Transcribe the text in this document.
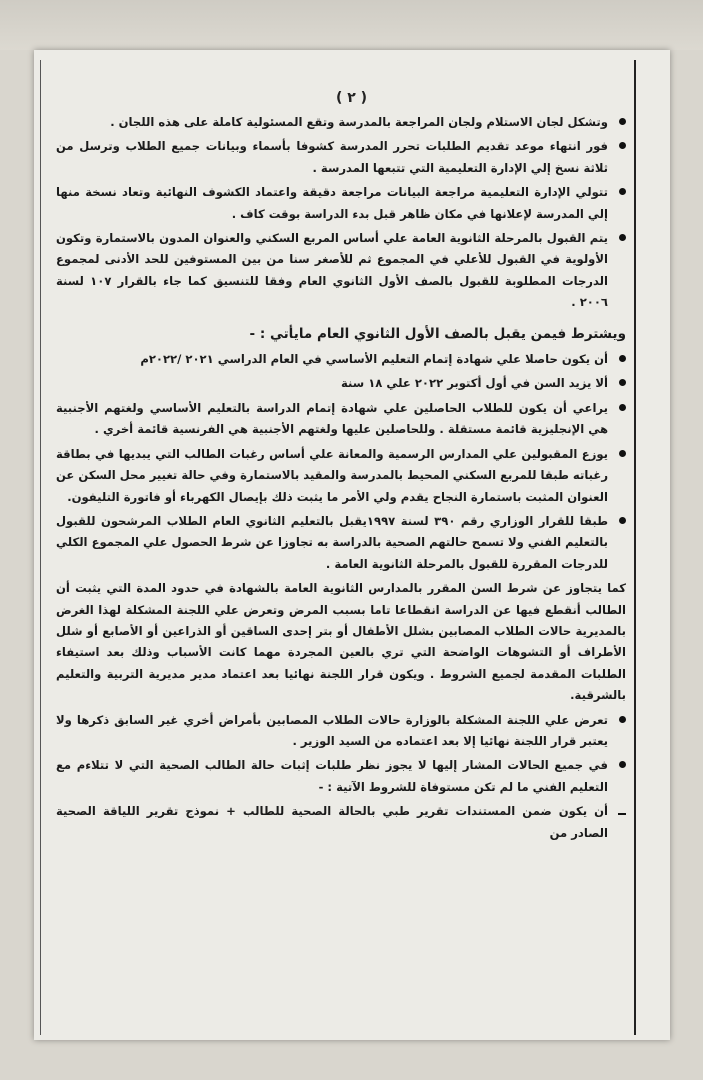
( ٢ )
وتشكل لجان الاستلام ولجان المراجعة بالمدرسة وتقع المسئولية كاملة على هذه اللجان .
فور انتهاء موعد تقديم الطلبات تحرر المدرسة كشوفا بأسماء وبيانات جميع الطلاب وترسل من ثلاثة نسخ إلي الإدارة التعليمية التي تتبعها المدرسة .
تتولي الإدارة التعليمية مراجعة البيانات مراجعة دقيقة واعتماد الكشوف النهائية وتعاد نسخة منها إلي المدرسة لإعلانها في مكان ظاهر قبل بدء الدراسة بوقت كاف .
يتم القبول بالمرحلة الثانوية العامة علي أساس المربع السكني والعنوان المدون بالاستمارة وتكون الأولوية في القبول للأعلي في المجموع ثم للأصغر سنا من بين المستوفين للحد الأدنى لمجموع الدرجات المطلوبة للقبول بالصف الأول الثانوي العام وفقا للتنسيق كما جاء بالقرار ١٠٧ لسنة ٢٠٠٦ .
ويشترط فيمن يقبل بالصف الأول الثانوي العام مايأتي : -
أن يكون حاصلا علي شهادة إتمام التعليم الأساسي في العام الدراسي ٢٠٢١ /٢٠٢٢م
ألا يزيد السن في أول أكتوبر ٢٠٢٢ علي ١٨ سنة
يراعي أن يكون للطلاب الحاصلين علي شهادة إتمام الدراسة بالتعليم الأساسي ولغتهم الأجنبية هي الإنجليزية قائمة مستقلة . وللحاصلين عليها ولغتهم الأجنبية هي الفرنسية قائمة أخري .
يوزع المقبولين علي المدارس الرسمية والمعانة علي أساس رغبات الطالب التي يبديها في بطاقة رغباته طبقا للمربع السكني المحيط بالمدرسة والمقيد بالاستمارة وفي حالة تغيير محل السكن عن العنوان المثبت باستمارة النجاح يقدم ولي الأمر ما يثبت ذلك بإيصال الكهرباء أو فاتورة التليفون.
طبقا للقرار الوزاري رقم ٣٩٠ لسنة ١٩٩٧يقبل بالتعليم الثانوي العام الطلاب المرشحون للقبول بالتعليم الفني ولا تسمح حالتهم الصحية بالدراسة به تجاوزا عن شرط الحصول علي المجموع الكلي للدرجات المقررة للقبول بالمرحلة الثانوية العامة .
كما يتجاوز عن شرط السن المقرر بالمدارس الثانوية العامة بالشهادة في حدود المدة التي يثبت أن الطالب أنقطع فيها عن الدراسة انقطاعا تاما بسبب المرض وتعرض علي اللجنة المشكلة لهذا الغرض بالمديرية حالات الطلاب المصابين بشلل الأطفال أو بتر إحدى الساقين أو الذراعين أو الأصابع أو شلل الأطراف أو التشوهات الواضحة التي تري بالعين المجردة مهما كانت الأسباب وذلك بعد استيفاء الطلبات المقدمة لجميع الشروط . ويكون قرار اللجنة نهائيا بعد اعتماد مدير مديرية التربية والتعليم بالشرقية.
تعرض علي اللجنة المشكلة بالوزارة حالات الطلاب المصابين بأمراض أخري غير السابق ذكرها ولا يعتبر قرار اللجنة نهائيا إلا بعد اعتماده من السيد الوزير .
في جميع الحالات المشار إليها لا يجوز نظر طلبات إثبات حالة الطالب الصحية التي لا تتلاءم مع التعليم الفني ما لم تكن مستوفاة للشروط الآتية : -
أن يكون ضمن المستندات تقرير طبي بالحالة الصحية للطالب + نموذج تقرير اللياقة الصحية الصادر من
